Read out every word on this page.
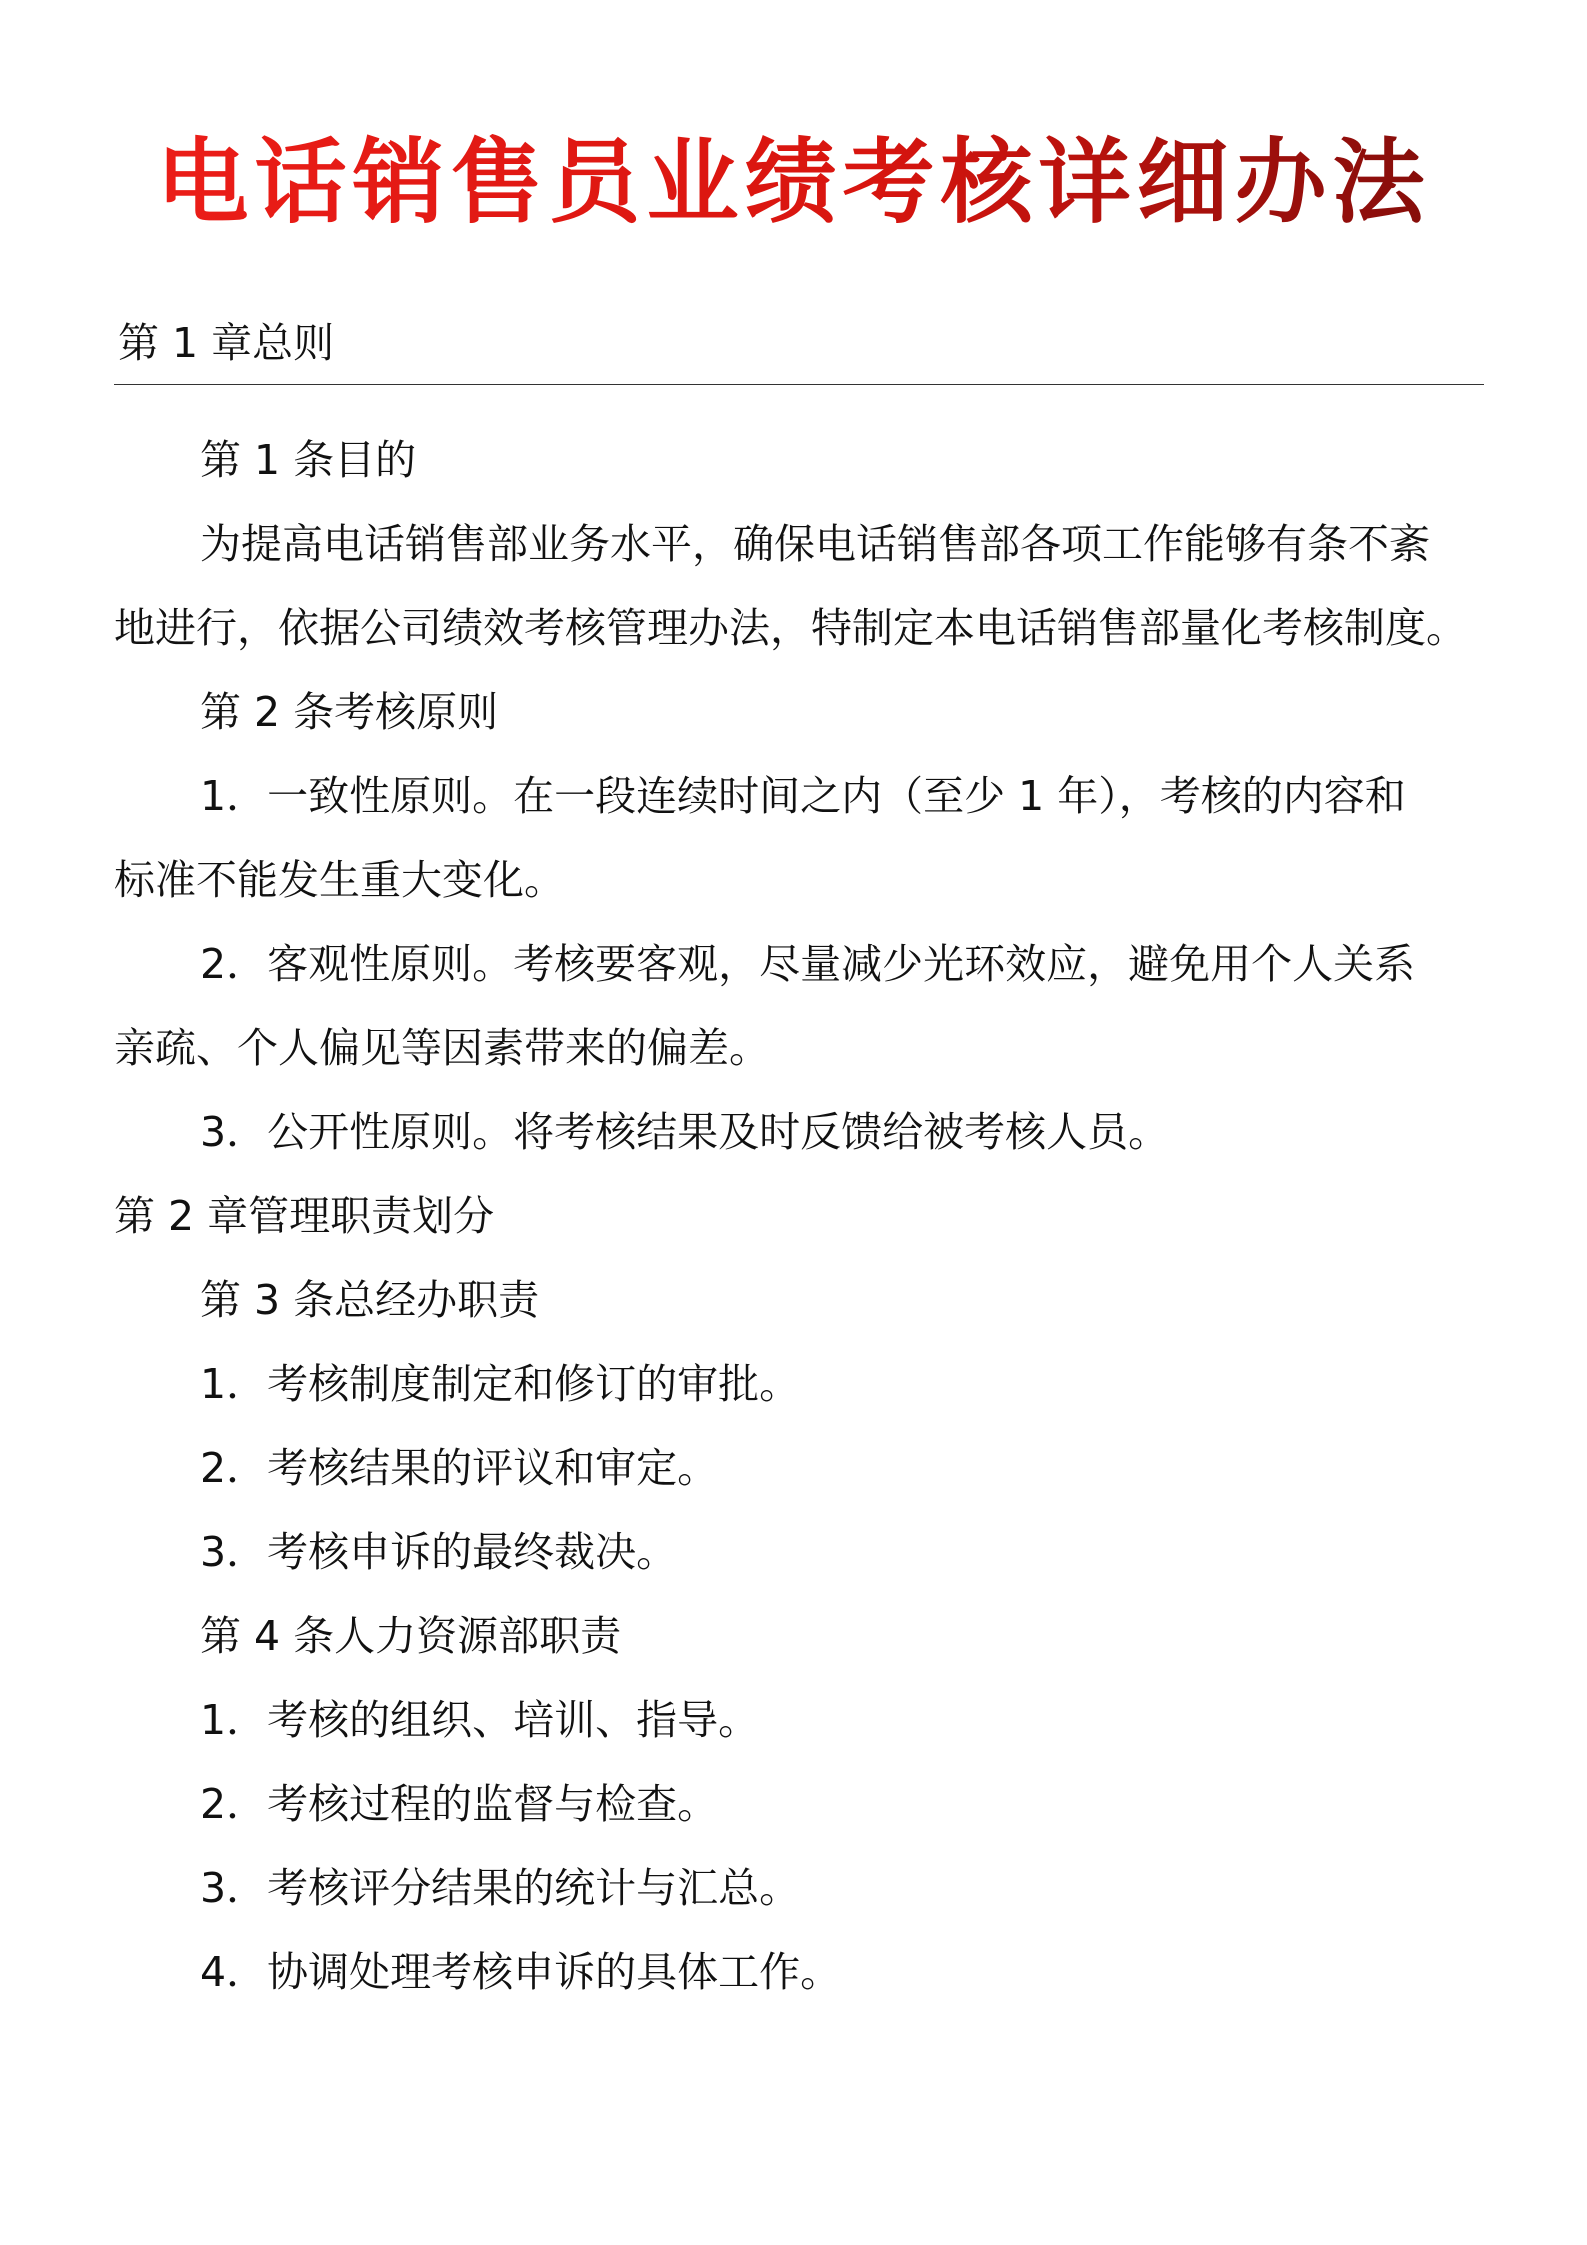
电话销售员业绩考核详细办法
第 1 章总则
第 1 条目的
为提高电话销售部业务水平，确保电话销售部各项工作能够有条不紊
地进行，依据公司绩效考核管理办法，特制定本电话销售部量化考核制度。
第 2 条考核原则
1．一致性原则。在一段连续时间之内（至少 1 年），考核的内容和
标准不能发生重大变化。
2．客观性原则。考核要客观，尽量减少光环效应，避免用个人关系
亲疏、个人偏见等因素带来的偏差。
3．公开性原则。将考核结果及时反馈给被考核人员。
第 2 章管理职责划分
第 3 条总经办职责
1．考核制度制定和修订的审批。
2．考核结果的评议和审定。
3．考核申诉的最终裁决。
第 4 条人力资源部职责
1．考核的组织、培训、指导。
2．考核过程的监督与检查。
3．考核评分结果的统计与汇总。
4．协调处理考核申诉的具体工作。
